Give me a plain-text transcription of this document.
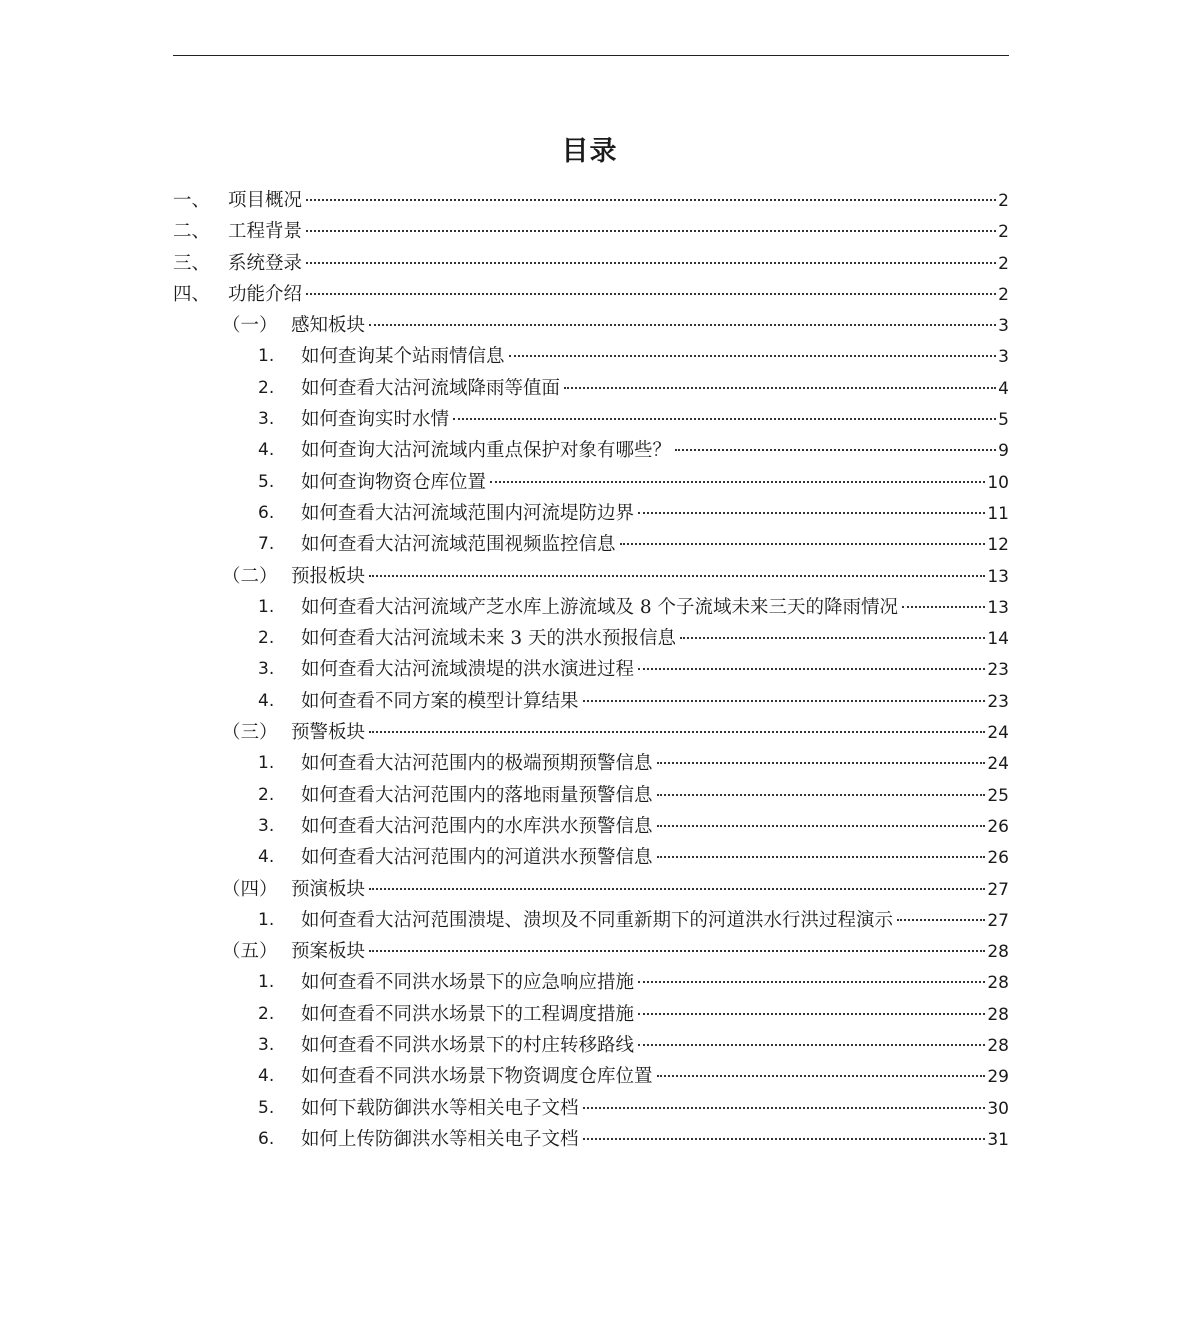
目录
一、 项目概况	2
二、 工程背景	2
三、 系统登录	2
四、 功能介绍	2
（一） 感知板块	3
1. 如何查询某个站雨情信息	3
2. 如何查看大沽河流域降雨等值面	4
3. 如何查询实时水情	5
4. 如何查询大沽河流域内重点保护对象有哪些？	9
5. 如何查询物资仓库位置	10
6. 如何查看大沽河流域范围内河流堤防边界	11
7. 如何查看大沽河流域范围视频监控信息	12
（二） 预报板块	13
1. 如何查看大沽河流域产芝水库上游流域及 8 个子流域未来三天的降雨情况	13
2. 如何查看大沽河流域未来 3 天的洪水预报信息	14
3. 如何查看大沽河流域溃堤的洪水演进过程	23
4. 如何查看不同方案的模型计算结果	23
（三） 预警板块	24
1. 如何查看大沽河范围内的极端预期预警信息	24
2. 如何查看大沽河范围内的落地雨量预警信息	25
3. 如何查看大沽河范围内的水库洪水预警信息	26
4. 如何查看大沽河范围内的河道洪水预警信息	26
（四） 预演板块	27
1. 如何查看大沽河范围溃堤、溃坝及不同重新期下的河道洪水行洪过程演示	27
（五） 预案板块	28
1. 如何查看不同洪水场景下的应急响应措施	28
2. 如何查看不同洪水场景下的工程调度措施	28
3. 如何查看不同洪水场景下的村庄转移路线	28
4. 如何查看不同洪水场景下物资调度仓库位置	29
5. 如何下载防御洪水等相关电子文档	30
6. 如何上传防御洪水等相关电子文档	31
